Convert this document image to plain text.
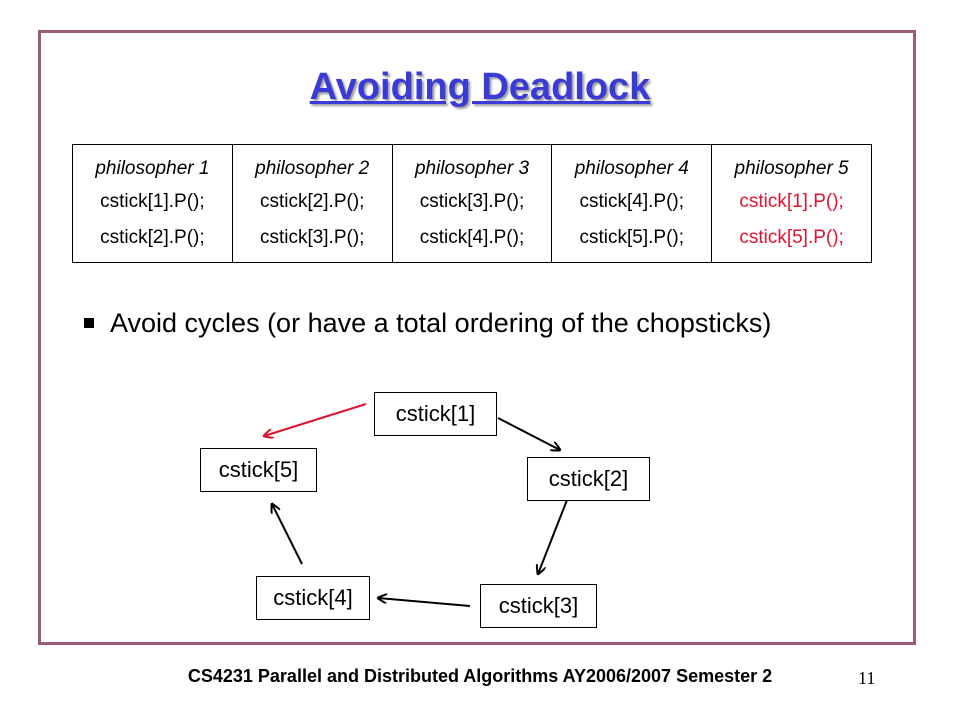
Avoiding Deadlock
philosopher 1
cstick[1].P();
cstick[2].P();
philosopher 2
cstick[2].P();
cstick[3].P();
philosopher 3
cstick[3].P();
cstick[4].P();
philosopher 4
cstick[4].P();
cstick[5].P();
philosopher 5
cstick[1].P();
cstick[5].P();
Avoid cycles (or have a total ordering of the chopsticks)
cstick[1]
cstick[2]
cstick[3]
cstick[4]
cstick[5]
CS4231 Parallel and Distributed Algorithms AY2006/2007 Semester 2	11
